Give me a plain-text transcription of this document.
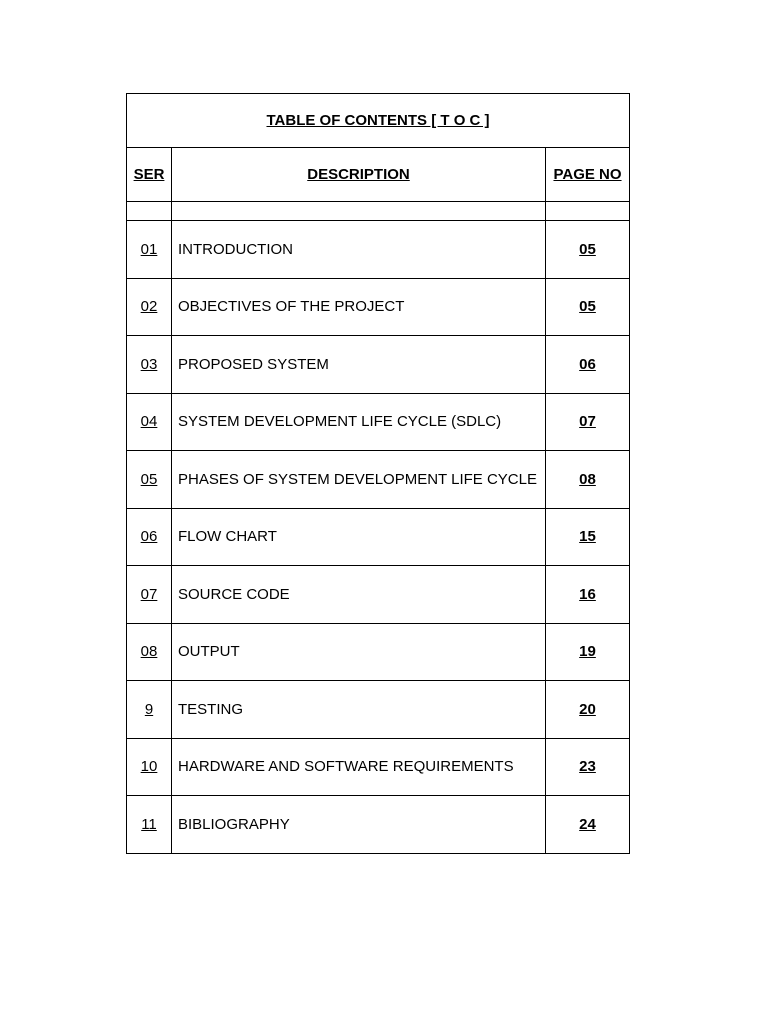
TABLE OF CONTENTS [ T O C ]		
SER	DESCRIPTION	PAGE NO

01	INTRODUCTION	05
02	OBJECTIVES OF THE PROJECT	05
03	PROPOSED SYSTEM	06
04	SYSTEM DEVELOPMENT LIFE CYCLE (SDLC)	07
05	PHASES OF SYSTEM DEVELOPMENT LIFE CYCLE	08
06	FLOW CHART	15
07	SOURCE CODE	16
08	OUTPUT	19
9	TESTING	20
10	HARDWARE AND SOFTWARE REQUIREMENTS	23
11	BIBLIOGRAPHY	24
